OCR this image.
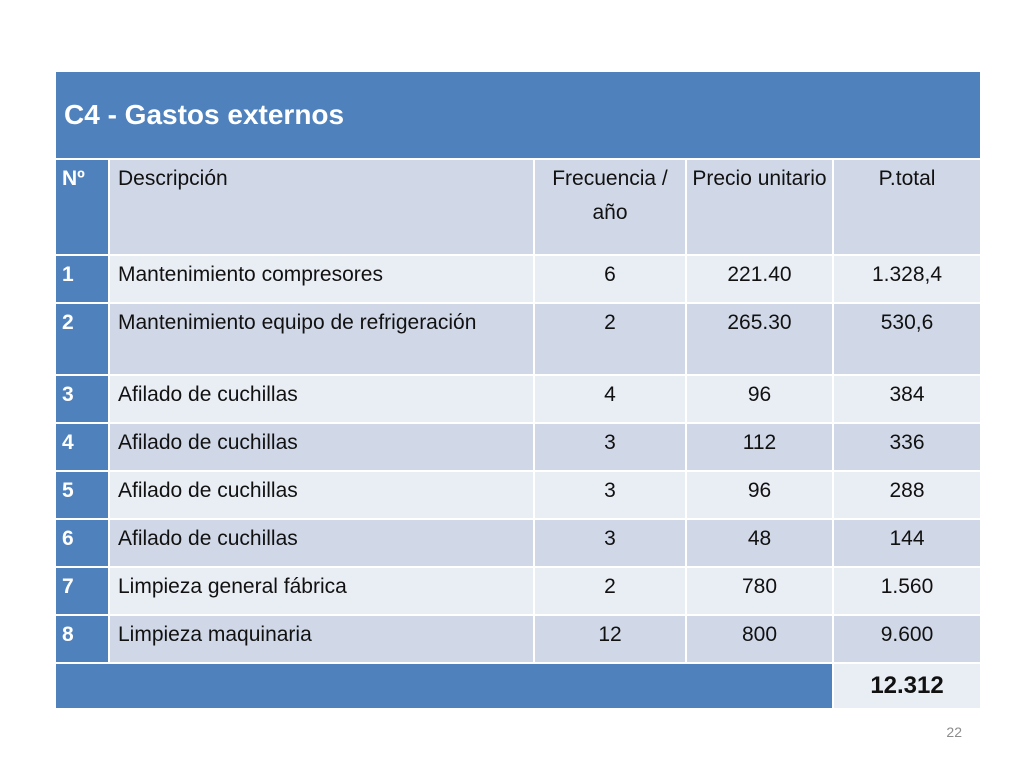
C4 - Gastos externos				
Nº	Descripción	Frecuencia / año	Precio unitario	P.total
1	Mantenimiento compresores	6	221.40	1.328,4
2	Mantenimiento equipo de refrigeración	2	265.30	530,6
3	Afilado de cuchillas	4	96	384
4	Afilado de cuchillas	3	112	336
5	Afilado de cuchillas	3	96	288
6	Afilado de cuchillas	3	48	144
7	Limpieza general fábrica	2	780	1.560
8	Limpieza maquinaria	12	800	9.600
				12.312
22
